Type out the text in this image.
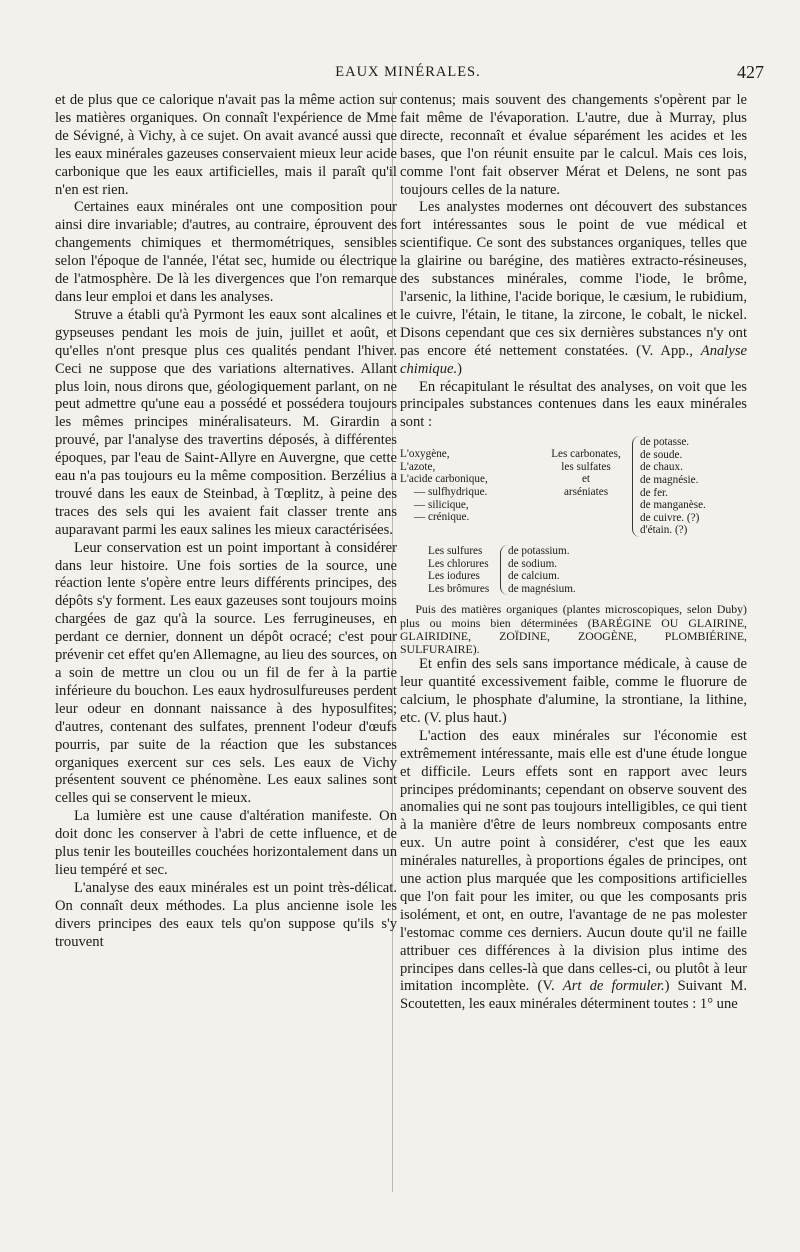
EAUX MINÉRALES.	427

et de plus que ce calorique n'avait pas la même action sur les matières organiques. On connaît l'expérience de Mme de Sévigné, à Vichy, à ce sujet. On avait avancé aussi que les eaux minérales gazeuses conservaient mieux leur acide carbonique que les eaux artificielles, mais il paraît qu'il n'en est rien.

Certaines eaux minérales ont une composition pour ainsi dire invariable; d'autres, au contraire, éprouvent des changements chimiques et thermométriques, sensibles selon l'époque de l'année, l'état sec, humide ou électrique de l'atmosphère. De là les divergences que l'on remarque dans leur emploi et dans les analyses.

Struve a établi qu'à Pyrmont les eaux sont alcalines et gypseuses pendant les mois de juin, juillet et août, et qu'elles n'ont presque plus ces qualités pendant l'hiver. Ceci ne suppose que des variations alternatives. Allant plus loin, nous dirons que, géologiquement parlant, on ne peut admettre qu'une eau a possédé et possédera toujours les mêmes principes minéralisateurs. M. Girardin a prouvé, par l'analyse des travertins déposés, à différentes époques, par l'eau de Saint-Allyre en Auvergne, que cette eau n'a pas toujours eu la même composition. Berzélius a trouvé dans les eaux de Steinbad, à Tœplitz, à peine des traces des sels qui les avaient fait classer trente ans auparavant parmi les eaux salines les mieux caractérisées.

Leur conservation est un point important à considérer dans leur histoire. Une fois sorties de la source, une réaction lente s'opère entre leurs différents principes, des dépôts s'y forment. Les eaux gazeuses sont toujours moins chargées de gaz qu'à la source. Les ferrugineuses, en perdant ce dernier, donnent un dépôt ocracé; c'est pour prévenir cet effet qu'en Allemagne, au lieu des sources, on a soin de mettre un clou ou un fil de fer à la partie inférieure du bouchon. Les eaux hydrosulfureuses perdent leur odeur en donnant naissance à des hyposulfites; d'autres, contenant des sulfates, prennent l'odeur d'œufs pourris, par suite de la réaction que les substances organiques exercent sur ces sels. Les eaux de Vichy présentent souvent ce phénomène. Les eaux salines sont celles qui se conservent le mieux.

La lumière est une cause d'altération manifeste. On doit donc les conserver à l'abri de cette influence, et de plus tenir les bouteilles couchées horizontalement dans un lieu tempéré et sec.

L'analyse des eaux minérales est un point très-délicat. On connaît deux méthodes. La plus ancienne isole les divers principes des eaux tels qu'on suppose qu'ils s'y trouvent

contenus; mais souvent des changements s'opèrent par le fait même de l'évaporation. L'autre, due à Murray, plus directe, reconnaît et évalue séparément les acides et les bases, que l'on réunit ensuite par le calcul. Mais ces lois, comme l'ont fait observer Mérat et Delens, ne sont pas toujours celles de la nature.

Les analystes modernes ont découvert des substances fort intéressantes sous le point de vue médical et scientifique. Ce sont des substances organiques, telles que la glairine ou barégine, des matières extracto-résineuses, des substances minérales, comme l'iode, le brôme, l'arsenic, la lithine, l'acide borique, le cæsium, le rubidium, le cuivre, l'étain, le titane, la zircone, le cobalt, le nickel. Disons cependant que ces six dernières substances n'y ont pas encore été nettement constatées. (V. App., Analyse chimique.)

En récapitulant le résultat des analyses, on voit que les principales substances contenues dans les eaux minérales sont :

L'oxygène,
L'azote,
L'acide carbonique,
— sulfhydrique.
— silicique,
— crénique.
Les carbonates,
les sulfates
et
arséniates
de potasse.
de soude.
de chaux.
de magnésie.
de fer.
de manganèse.
de cuivre. (?)
d'étain. (?)
Les sulfures
Les chlorures
Les iodures
Les brômures
de potassium.
de sodium.
de calcium.
de magnésium.

Puis des matières organiques (plantes microscopiques, selon Duby) plus ou moins bien déterminées (BARÉGINE OU GLAIRINE, GLAIRIDINE, ZOÏDINE, ZOOGÈNE, PLOMBIÉRINE, SULFURAIRE).

Et enfin des sels sans importance médicale, à cause de leur quantité excessivement faible, comme le fluorure de calcium, le phosphate d'alumine, la strontiane, la lithine, etc. (V. plus haut.)

L'action des eaux minérales sur l'économie est extrêmement intéressante, mais elle est d'une étude longue et difficile. Leurs effets sont en rapport avec leurs principes prédominants; cependant on observe souvent des anomalies qui ne sont pas toujours intelligibles, ce qui tient à la manière d'être de leurs nombreux composants entre eux. Un autre point à considérer, c'est que les eaux minérales naturelles, à proportions égales de principes, ont une action plus marquée que les compositions artificielles que l'on fait pour les imiter, ou que les composants pris isolément, et ont, en outre, l'avantage de ne pas molester l'estomac comme ces derniers. Aucun doute qu'il ne faille attribuer ces différences à la division plus intime des principes dans celles-là que dans celles-ci, ou plutôt à leur imitation incomplète. (V. Art de formuler.) Suivant M. Scoutetten, les eaux minérales déterminent toutes : 1° une
